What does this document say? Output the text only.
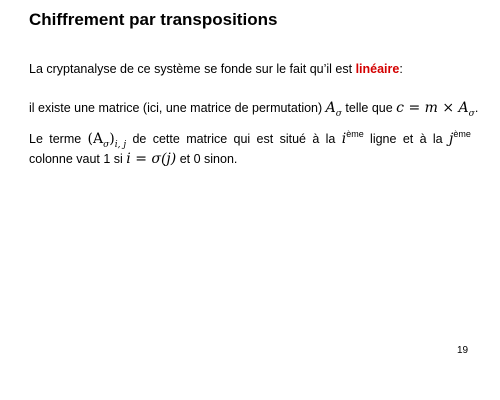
Chiffrement par transpositions
La cryptanalyse de ce système se fonde sur le fait qu’il est linéaire:
il existe une matrice (ici, une matrice de permutation) $A_\sigma$ telle que $c = m \times A_\sigma$.
Le terme $(A_\sigma)_{i, j}$ de cette matrice qui est situé à la $i^{ème}$ ligne et à la $j^{ème}$
colonne vaut 1 si i = σ(j) et 0 sinon.
19
